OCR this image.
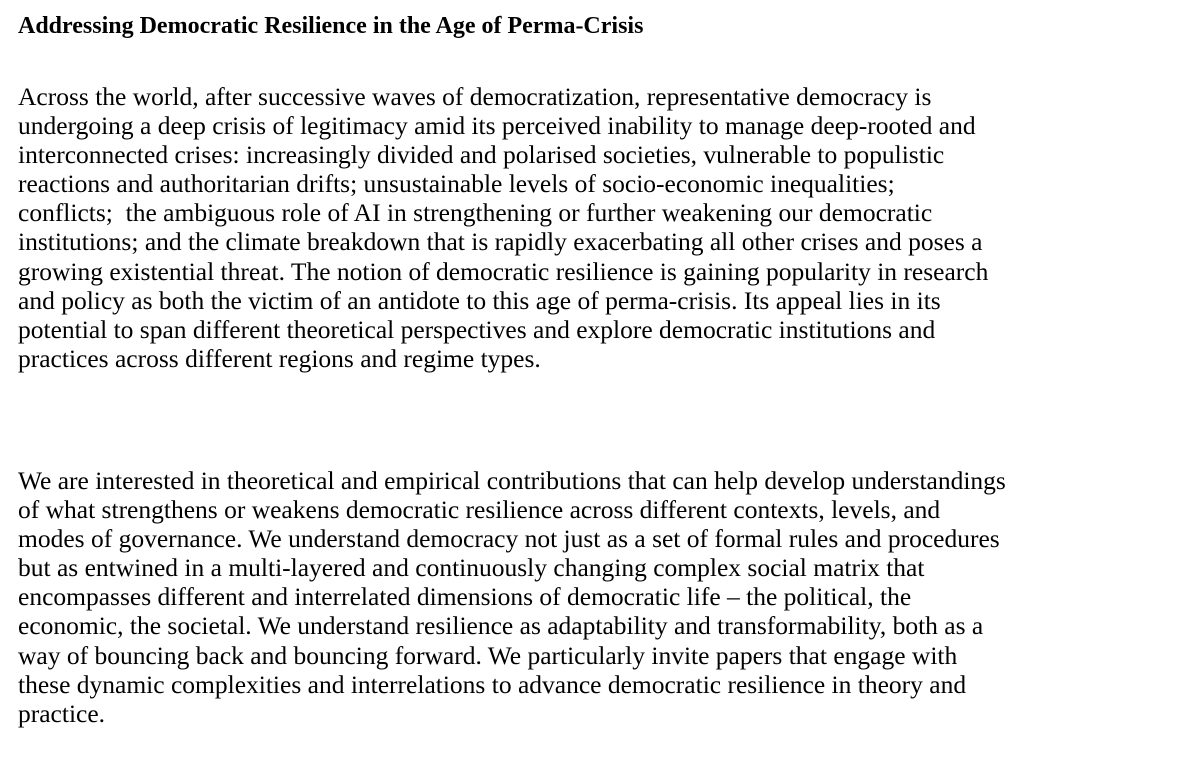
Addressing Democratic Resilience in the Age of Perma-Crisis

Across the world, after successive waves of democratization, representative democracy is
undergoing a deep crisis of legitimacy amid its perceived inability to manage deep-rooted and
interconnected crises: increasingly divided and polarised societies, vulnerable to populistic
reactions and authoritarian drifts; unsustainable levels of socio-economic inequalities;
conflicts;  the ambiguous role of AI in strengthening or further weakening our democratic
institutions; and the climate breakdown that is rapidly exacerbating all other crises and poses a
growing existential threat. The notion of democratic resilience is gaining popularity in research
and policy as both the victim of an antidote to this age of perma-crisis. Its appeal lies in its
potential to span different theoretical perspectives and explore democratic institutions and
practices across different regions and regime types.

We are interested in theoretical and empirical contributions that can help develop understandings
of what strengthens or weakens democratic resilience across different contexts, levels, and
modes of governance. We understand democracy not just as a set of formal rules and procedures
but as entwined in a multi-layered and continuously changing complex social matrix that
encompasses different and interrelated dimensions of democratic life – the political, the
economic, the societal. We understand resilience as adaptability and transformability, both as a
way of bouncing back and bouncing forward. We particularly invite papers that engage with
these dynamic complexities and interrelations to advance democratic resilience in theory and
practice.
